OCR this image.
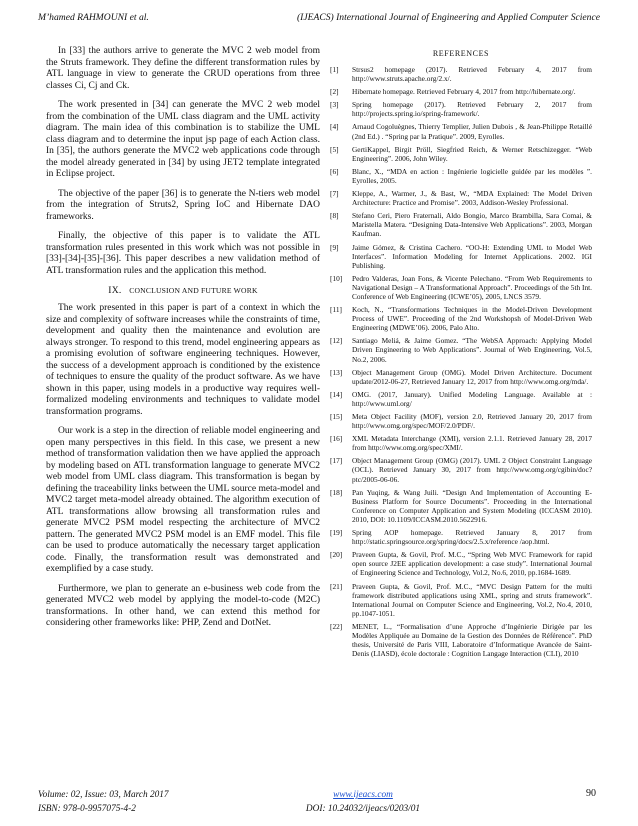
M’hamed RAHMOUNI et al.	(IJEACS) International Journal of Engineering and Applied Computer Science

In [33] the authors arrive to generate the MVC 2 web model from the Struts framework. They define the different transformation rules by ATL language in view to generate the CRUD operations from three classes Ci, Cj and Ck.

The work presented in [34] can generate the MVC 2 web model from the combination of the UML class diagram and the UML activity diagram. The main idea of this combination is to stabilize the UML class diagram and to determine the input jsp page of each Action class. In [35], the authors generate the MVC2 web applications code through the model already generated in [34] by using JET2 template integrated in Eclipse project.

The objective of the paper [36] is to generate the N-tiers web model from the integration of Struts2, Spring IoC and Hibernate DAO frameworks.

Finally, the objective of this paper is to validate the ATL transformation rules presented in this work which was not possible in [33]-[34]-[35]-[36]. This paper describes a new validation method of ATL transformation rules and the application this method.

IX. CONCLUSION AND FUTURE WORK

The work presented in this paper is part of a context in which the size and complexity of software increases while the constraints of time, development and quality then the maintenance and evolution are always stronger. To respond to this trend, model engineering appears as a promising evolution of software engineering techniques. However, the success of a development approach is conditioned by the existence of techniques to ensure the quality of the product software. As we have shown in this paper, using models in a productive way requires well-formalized modeling environments and techniques to validate model transformation programs.

Our work is a step in the direction of reliable model engineering and open many perspectives in this field. In this case, we present a new method of transformation validation then we have applied the approach by modeling based on ATL transformation language to generate MVC2 web model from UML class diagram. This transformation is began by defining the traceability links between the UML source meta-model and MVC2 target meta-model already obtained. The algorithm execution of ATL transformations allow browsing all transformation rules and generate MVC2 PSM model respecting the architecture of MVC2 pattern. The generated MVC2 PSM model is an EMF model. This file can be used to produce automatically the necessary target application code. Finally, the transformation result was demonstrated and exemplified by a case study.

Furthermore, we plan to generate an e-business web code from the generated MVC2 web model by applying the model-to-code (M2C) transformations. In other hand, we can extend this method for considering other frameworks like: PHP, Zend and DotNet.

REFERENCES
[1]	Strsus2 homepage (2017). Retrieved February 4, 2017 from http://www.struts.apache.org/2.x/.
[2]	Hibernate homepage. Retrieved February 4, 2017 from http://hibernate.org/.
[3]	Spring homepage (2017). Retrieved February 2, 2017 from http://projects.spring.io/spring-framework/.
[4]	Arnaud Cogoluègnes, Thierry Templier, Julien Dubois , & Jean-Philippe Retaillé (2nd Ed.) . “Spring par la Pratique”. 2009, Eyrolles.
[5]	GertiKappel, Birgit Pröll, Siegfried Reich, & Werner Retschizegger. “Web Engineering”. 2006, John Wiley.
[6]	Blanc, X., “MDA en action : Ingénierie logicielle guidée par les modèles ”. Eyrolles, 2005.
[7]	Kleppe, A., Warmer, J., & Bast, W., “MDA Explained: The Model Driven Architecture: Practice and Promise”. 2003, Addison-Wesley Professional.
[8]	Stefano Ceri, Piero Fraternali, Aldo Bongio, Marco Brambilla, Sara Comai, & Maristella Matera. “Designing Data-Intensive Web Applications”. 2003, Morgan Kaufman.
[9]	Jaime Gómez, & Cristina Cachero. “OO-H: Extending UML to Model Web Interfaces”. Information Modeling for Internet Applications. 2002. IGI Publishing.
[10]	Pedro Valderas, Joan Fons, & Vicente Pelechano. “From Web Requirements to Navigational Design – A Transformational Approach”. Proceedings of the 5th Int. Conference of Web Engineering (ICWE’05), 2005, LNCS 3579.
[11]	Koch, N., “Transformations Techniques in the Model-Driven Development Process of UWE”. Proceeding of the 2nd Workshopsh of Model-Driven Web Engineering (MDWE’06). 2006, Palo Alto.
[12]	Santiago Meliá, & Jaime Gomez. “The WebSA Approach: Applying Model Driven Engineering to Web Applications”. Journal of Web Engineering, Vol.5, No.2, 2006.
[13]	Object Management Group (OMG). Model Driven Architecture. Document update/2012-06-27, Retrieved January 12, 2017 from http://www.omg.org/mda/.
[14]	OMG. (2017, January). Unified Modeling Language. Available at : http://www.uml.org/
[15]	Meta Object Facility (MOF), version 2.0, Retrieved January 20, 2017 from http://www.omg.org/spec/MOF/2.0/PDF/.
[16]	XML Metadata Interchange (XMI), version 2.1.1. Retrieved January 28, 2017 from http://www.omg.org/spec/XMI/.
[17]	Object Management Group (OMG) (2017). UML 2 Object Constraint Language (OCL). Retrieved January 30, 2017 from http://www.omg.org/cgibin/doc?ptc/2005-06-06.
[18]	Pan Yuqing, & Wang Juili. “Design And Implementation of Accounting E-Business Platform for Source Documents”. Proceeding in the International Conference on Computer Application and System Modeling (ICCASM 2010). 2010, DOI: 10.1109/ICCASM.2010.5622916.
[19]	Spring AOP homepage. Retrieved January 8, 2017 from http://static.springsource.org/spring/docs/2.5.x/reference /aop.html.
[20]	Praveen Gupta, & Govil, Prof. M.C., “Spring Web MVC Framework for rapid open source J2EE application development: a case study”. International Journal of Engineering Science and Technology, Vol.2, No.6, 2010, pp.1684-1689.
[21]	Praveen Gupta, & Govil, Prof. M.C., “MVC Design Pattern for the multi framework distributed applications using XML, spring and struts framework”. International Journal on Computer Science and Engineering, Vol.2, No.4, 2010, pp.1047-1051.
[22]	MENET, L., “Formalisation d’une Approche d’Ingénierie Dirigée par les Modèles Appliquée au Domaine de la Gestion des Données de Référence”. PhD thesis, Université de Paris VIII, Laboratoire d’Informatique Avancée de Saint-Denis (LIASD), école doctorale : Cognition Langage Interaction (CLI), 2010
Volume: 02, Issue: 03, March 2017
ISBN: 978-0-9957075-4-2
www.ijeacs.com
DOI: 10.24032/ijeacs/0203/01
90
